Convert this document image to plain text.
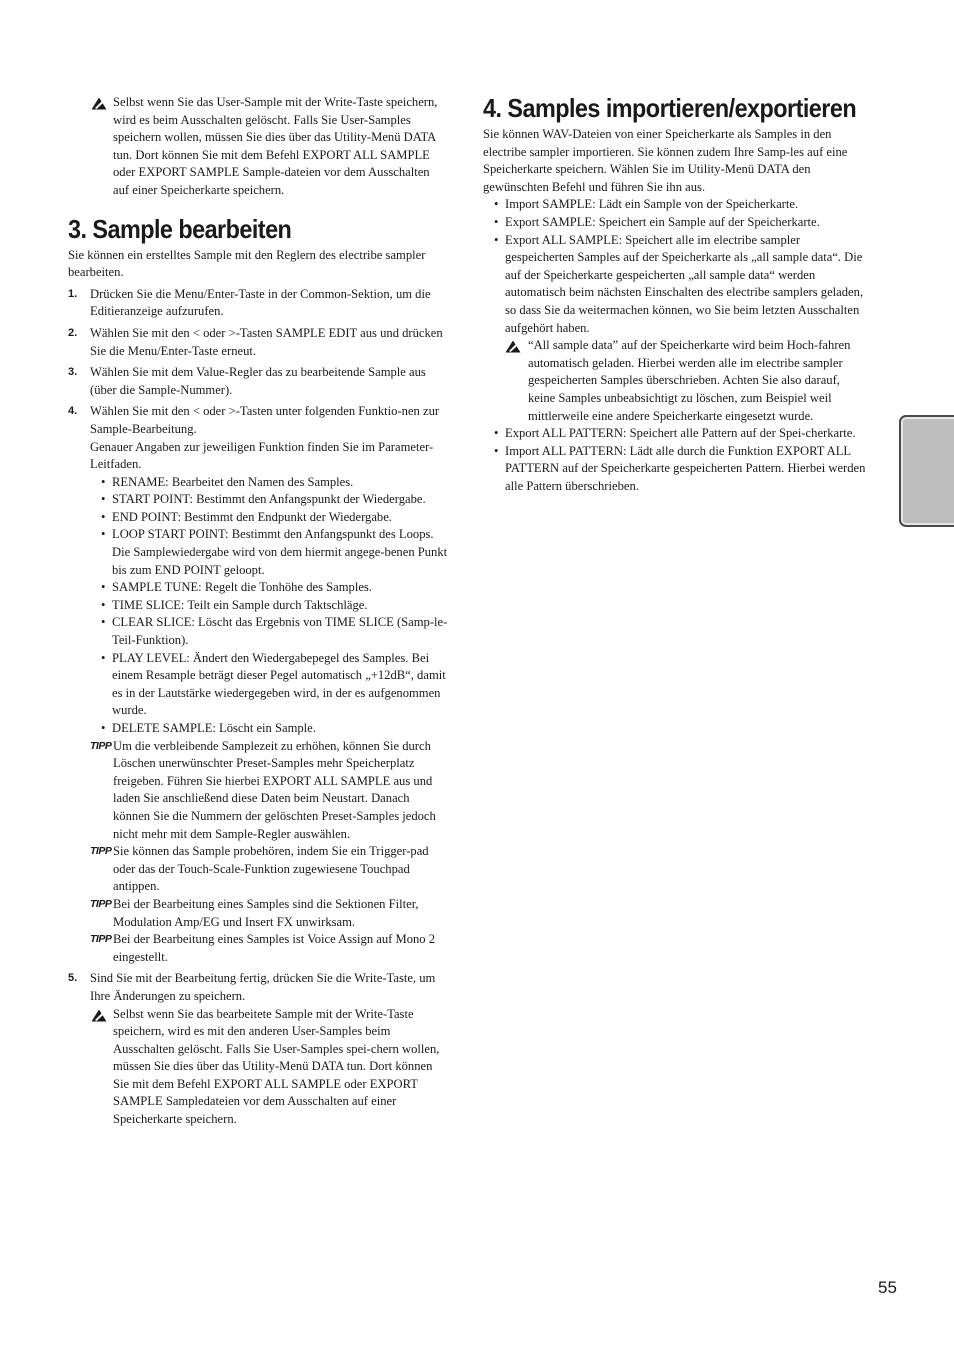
Selbst wenn Sie das User-Sample mit der Write-Taste speichern, wird es beim Ausschalten gelöscht. Falls Sie User-Samples speichern wollen, müssen Sie dies über das Utility-Menü DATA tun. Dort können Sie mit dem Befehl EXPORT ALL SAMPLE oder EXPORT SAMPLE Sample-dateien vor dem Ausschalten auf einer Speicherkarte speichern.

3. Sample bearbeiten

Sie können ein erstelltes Sample mit den Reglern des electribe sampler bearbeiten.

1. Drücken Sie die Menu/Enter-Taste in der Common-Sektion, um die Editieranzeige aufzurufen.

2. Wählen Sie mit den < oder >-Tasten SAMPLE EDIT aus und drücken Sie die Menu/Enter-Taste erneut.

3. Wählen Sie mit dem Value-Regler das zu bearbeitende Sample aus (über die Sample-Nummer).

4. Wählen Sie mit den < oder >-Tasten unter folgenden Funktio-nen zur Sample-Bearbeitung.

Genauer Angaben zur jeweiligen Funktion finden Sie im Parameter-Leitfaden.

• RENAME: Bearbeitet den Namen des Samples.
• START POINT: Bestimmt den Anfangspunkt der Wiedergabe.
• END POINT: Bestimmt den Endpunkt der Wiedergabe.
• LOOP START POINT: Bestimmt den Anfangspunkt des Loops. Die Samplewiedergabe wird von dem hiermit angege-benen Punkt bis zum END POINT geloopt.
• SAMPLE TUNE: Regelt die Tonhöhe des Samples.
• TIME SLICE: Teilt ein Sample durch Taktschläge.
• CLEAR SLICE: Löscht das Ergebnis von TIME SLICE (Samp-le-Teil-Funktion).
• PLAY LEVEL: Ändert den Wiedergabepegel des Samples. Bei einem Resample beträgt dieser Pegel automatisch „+12dB“, damit es in der Lautstärke wiedergegeben wird, in der es aufgenommen wurde.
• DELETE SAMPLE: Löscht ein Sample.
TIPP Um die verbleibende Samplezeit zu erhöhen, können Sie durch Löschen unerwünschter Preset-Samples mehr Speicherplatz freigeben. Führen Sie hierbei EXPORT ALL SAMPLE aus und laden Sie anschließend diese Daten beim Neustart. Danach können Sie die Nummern der gelöschten Preset-Samples jedoch nicht mehr mit dem Sample-Regler auswählen.

TIPP Sie können das Sample probehören, indem Sie ein Trigger-pad oder das der Touch-Scale-Funktion zugewiesene Touchpad antippen.

TIPP Bei der Bearbeitung eines Samples sind die Sektionen Filter, Modulation Amp/EG und Insert FX unwirksam.

TIPP Bei der Bearbeitung eines Samples ist Voice Assign auf Mono 2 eingestellt.

5. Sind Sie mit der Bearbeitung fertig, drücken Sie die Write-Taste, um Ihre Änderungen zu speichern.

Selbst wenn Sie das bearbeitete Sample mit der Write-Taste speichern, wird es mit den anderen User-Samples beim Ausschalten gelöscht. Falls Sie User-Samples spei-chern wollen, müssen Sie dies über das Utility-Menü DATA tun. Dort können Sie mit dem Befehl EXPORT ALL SAMPLE oder EXPORT SAMPLE Sampledateien vor dem Ausschalten auf einer Speicherkarte speichern.

4. Samples importieren/exportieren

Sie können WAV-Dateien von einer Speicherkarte als Samples in den electribe sampler importieren. Sie können zudem Ihre Samp-les auf eine Speicherkarte speichern. Wählen Sie im Utility-Menü DATA den gewünschten Befehl und führen Sie ihn aus.

• Import SAMPLE: Lädt ein Sample von der Speicherkarte.
• Export SAMPLE: Speichert ein Sample auf der Speicherkarte.
• Export ALL SAMPLE: Speichert alle im electribe sampler gespeicherten Samples auf der Speicherkarte als „all sample data“. Die auf der Speicherkarte gespeicherten „all sample data“ werden automatisch beim nächsten Einschalten des electribe samplers geladen, so dass Sie da weitermachen können, wo Sie beim letzten Ausschalten aufgehört haben.

“All sample data” auf der Speicherkarte wird beim Hoch-fahren automatisch geladen. Hierbei werden alle im electribe sampler gespeicherten Samples überschrieben. Achten Sie also darauf, keine Samples unbeabsichtigt zu löschen, zum Beispiel weil mittlerweile eine andere Speicherkarte eingesetzt wurde.

• Export ALL PATTERN: Speichert alle Pattern auf der Spei-cherkarte.
• Import ALL PATTERN: Lädt alle durch die Funktion EXPORT ALL PATTERN auf der Speicherkarte gespeicherten Pattern. Hierbei werden alle Pattern überschrieben.
55
